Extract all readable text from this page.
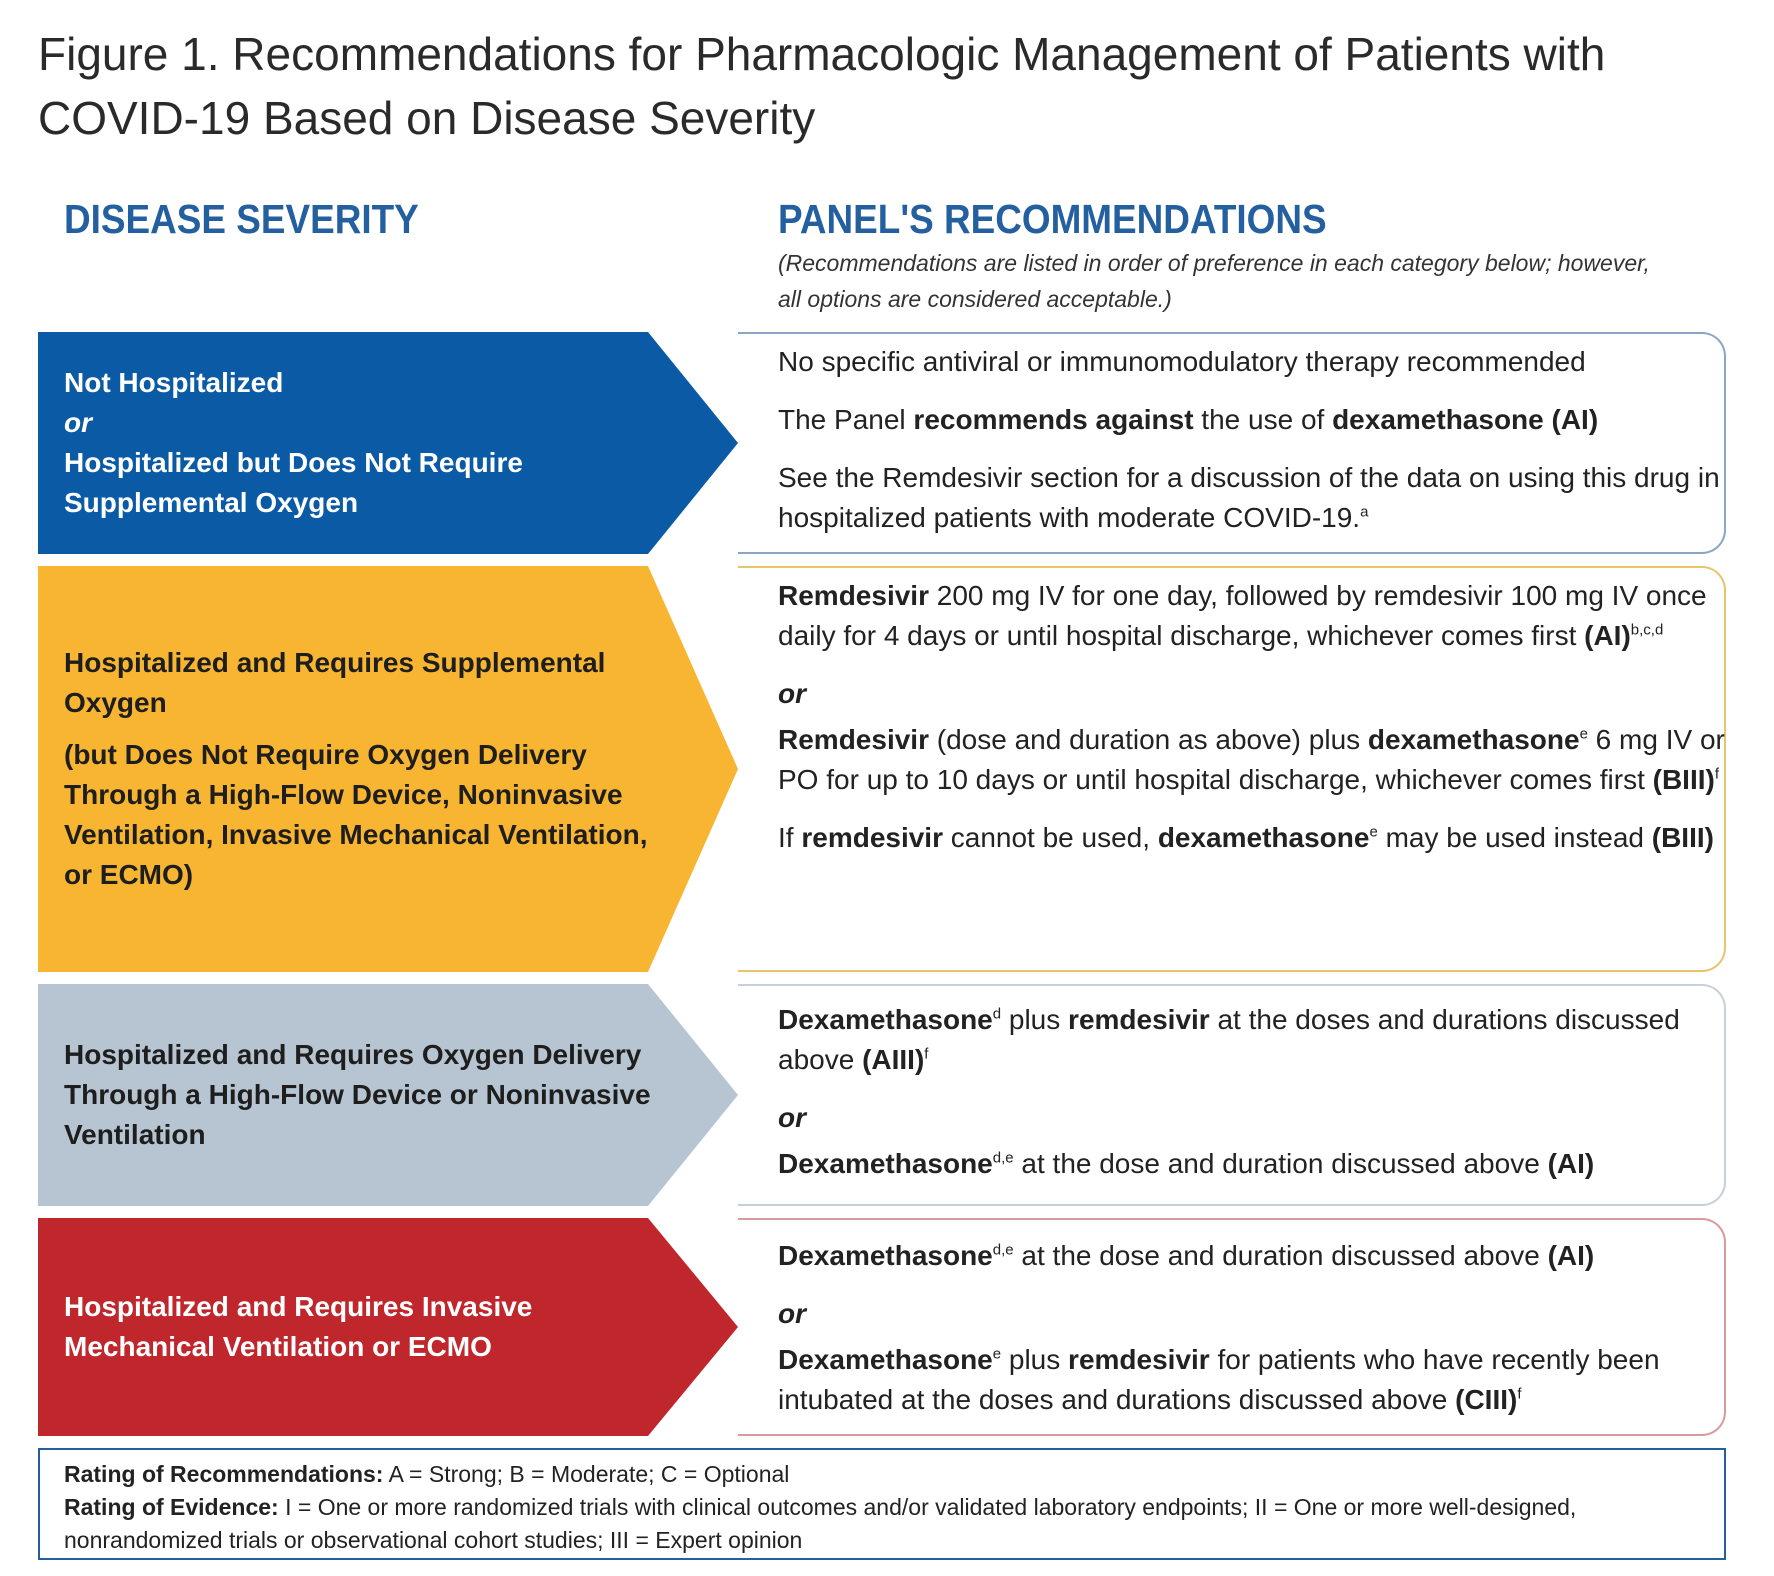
Figure 1. Recommendations for Pharmacologic Management of Patients with COVID-19 Based on Disease Severity
DISEASE SEVERITY	PANEL'S RECOMMENDATIONS
(Recommendations are listed in order of preference in each category below; however, all options are considered acceptable.)
Not Hospitalized
or
Hospitalized but Does Not Require Supplemental Oxygen

No specific antiviral or immunomodulatory therapy recommended

The Panel recommends against the use of dexamethasone (AI)

See the Remdesivir section for a discussion of the data on using this drug in hospitalized patients with moderate COVID-19.$^a$

Hospitalized and Requires Supplemental Oxygen
(but Does Not Require Oxygen Delivery Through a High-Flow Device, Noninvasive Ventilation, Invasive Mechanical Ventilation, or ECMO)

Remdesivir 200 mg IV for one day, followed by remdesivir 100 mg IV once daily for 4 days or until hospital discharge, whichever comes first (AI)$^{b,c,d}$

or

Remdesivir (dose and duration as above) plus dexamethasone$^e$ 6 mg IV or PO for up to 10 days or until hospital discharge, whichever comes first (BIII)$^f$

If remdesivir cannot be used, dexamethasone$^e$ may be used instead (BIII)

Hospitalized and Requires Oxygen Delivery Through a High-Flow Device or Noninvasive Ventilation

Dexamethasone$^d$ plus remdesivir at the doses and durations discussed above (AIII)$^f$

or

Dexamethasone$^{d,e}$ at the dose and duration discussed above (AI)

Hospitalized and Requires Invasive Mechanical Ventilation or ECMO

Dexamethasone$^{d,e}$ at the dose and duration discussed above (AI)

or

Dexamethasone$^e$ plus remdesivir for patients who have recently been intubated at the doses and durations discussed above (CIII)$^f$

Rating of Recommendations: A = Strong; B = Moderate; C = Optional
Rating of Evidence: I = One or more randomized trials with clinical outcomes and/or validated laboratory endpoints; II = One or more well-designed, nonrandomized trials or observational cohort studies; III = Expert opinion
